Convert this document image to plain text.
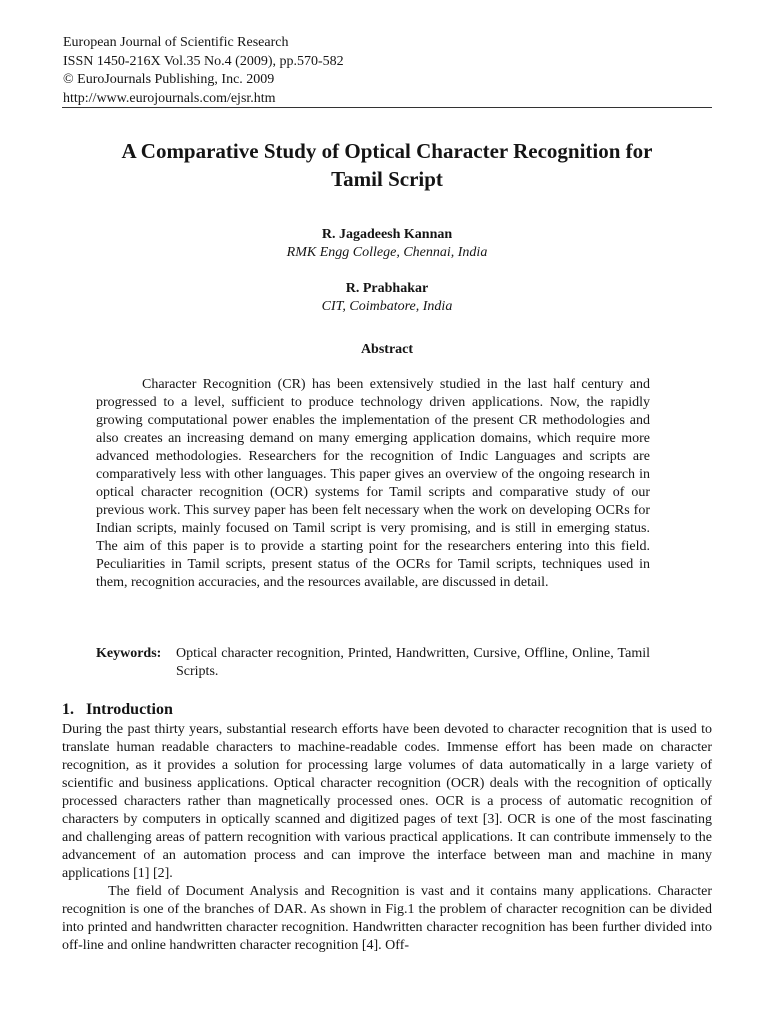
European Journal of Scientific Research
ISSN 1450-216X Vol.35 No.4 (2009), pp.570-582
© EuroJournals Publishing, Inc. 2009
http://www.eurojournals.com/ejsr.htm
A Comparative Study of Optical Character Recognition for
Tamil Script
R. Jagadeesh Kannan
RMK Engg College, Chennai, India
R. Prabhakar
CIT, Coimbatore, India
Abstract

Character Recognition (CR) has been extensively studied in the last half century and progressed to a level, sufficient to produce technology driven applications. Now, the rapidly growing computational power enables the implementation of the present CR methodologies and also creates an increasing demand on many emerging application domains, which require more advanced methodologies. Researchers for the recognition of Indic Languages and scripts are comparatively less with other languages. This paper gives an overview of the ongoing research in optical character recognition (OCR) systems for Tamil scripts and comparative study of our previous work. This survey paper has been felt necessary when the work on developing OCRs for Indian scripts, mainly focused on Tamil script is very promising, and is still in emerging status. The aim of this paper is to provide a starting point for the researchers entering into this field. Peculiarities in Tamil scripts, present status of the OCRs for Tamil scripts, techniques used in them, recognition accuracies, and the resources available, are discussed in detail.

Keywords: Optical character recognition, Printed, Handwritten, Cursive, Offline, Online, Tamil Scripts.
1. Introduction

During the past thirty years, substantial research efforts have been devoted to character recognition that is used to translate human readable characters to machine-readable codes. Immense effort has been made on character recognition, as it provides a solution for processing large volumes of data automatically in a large variety of scientific and business applications. Optical character recognition (OCR) deals with the recognition of optically processed characters rather than magnetically processed ones. OCR is a process of automatic recognition of characters by computers in optically scanned and digitized pages of text [3]. OCR is one of the most fascinating and challenging areas of pattern recognition with various practical applications. It can contribute immensely to the advancement of an automation process and can improve the interface between man and machine in many applications [1] [2].

The field of Document Analysis and Recognition is vast and it contains many applications. Character recognition is one of the branches of DAR. As shown in Fig.1 the problem of character recognition can be divided into printed and handwritten character recognition. Handwritten character recognition has been further divided into off-line and online handwritten character recognition [4]. Off-
